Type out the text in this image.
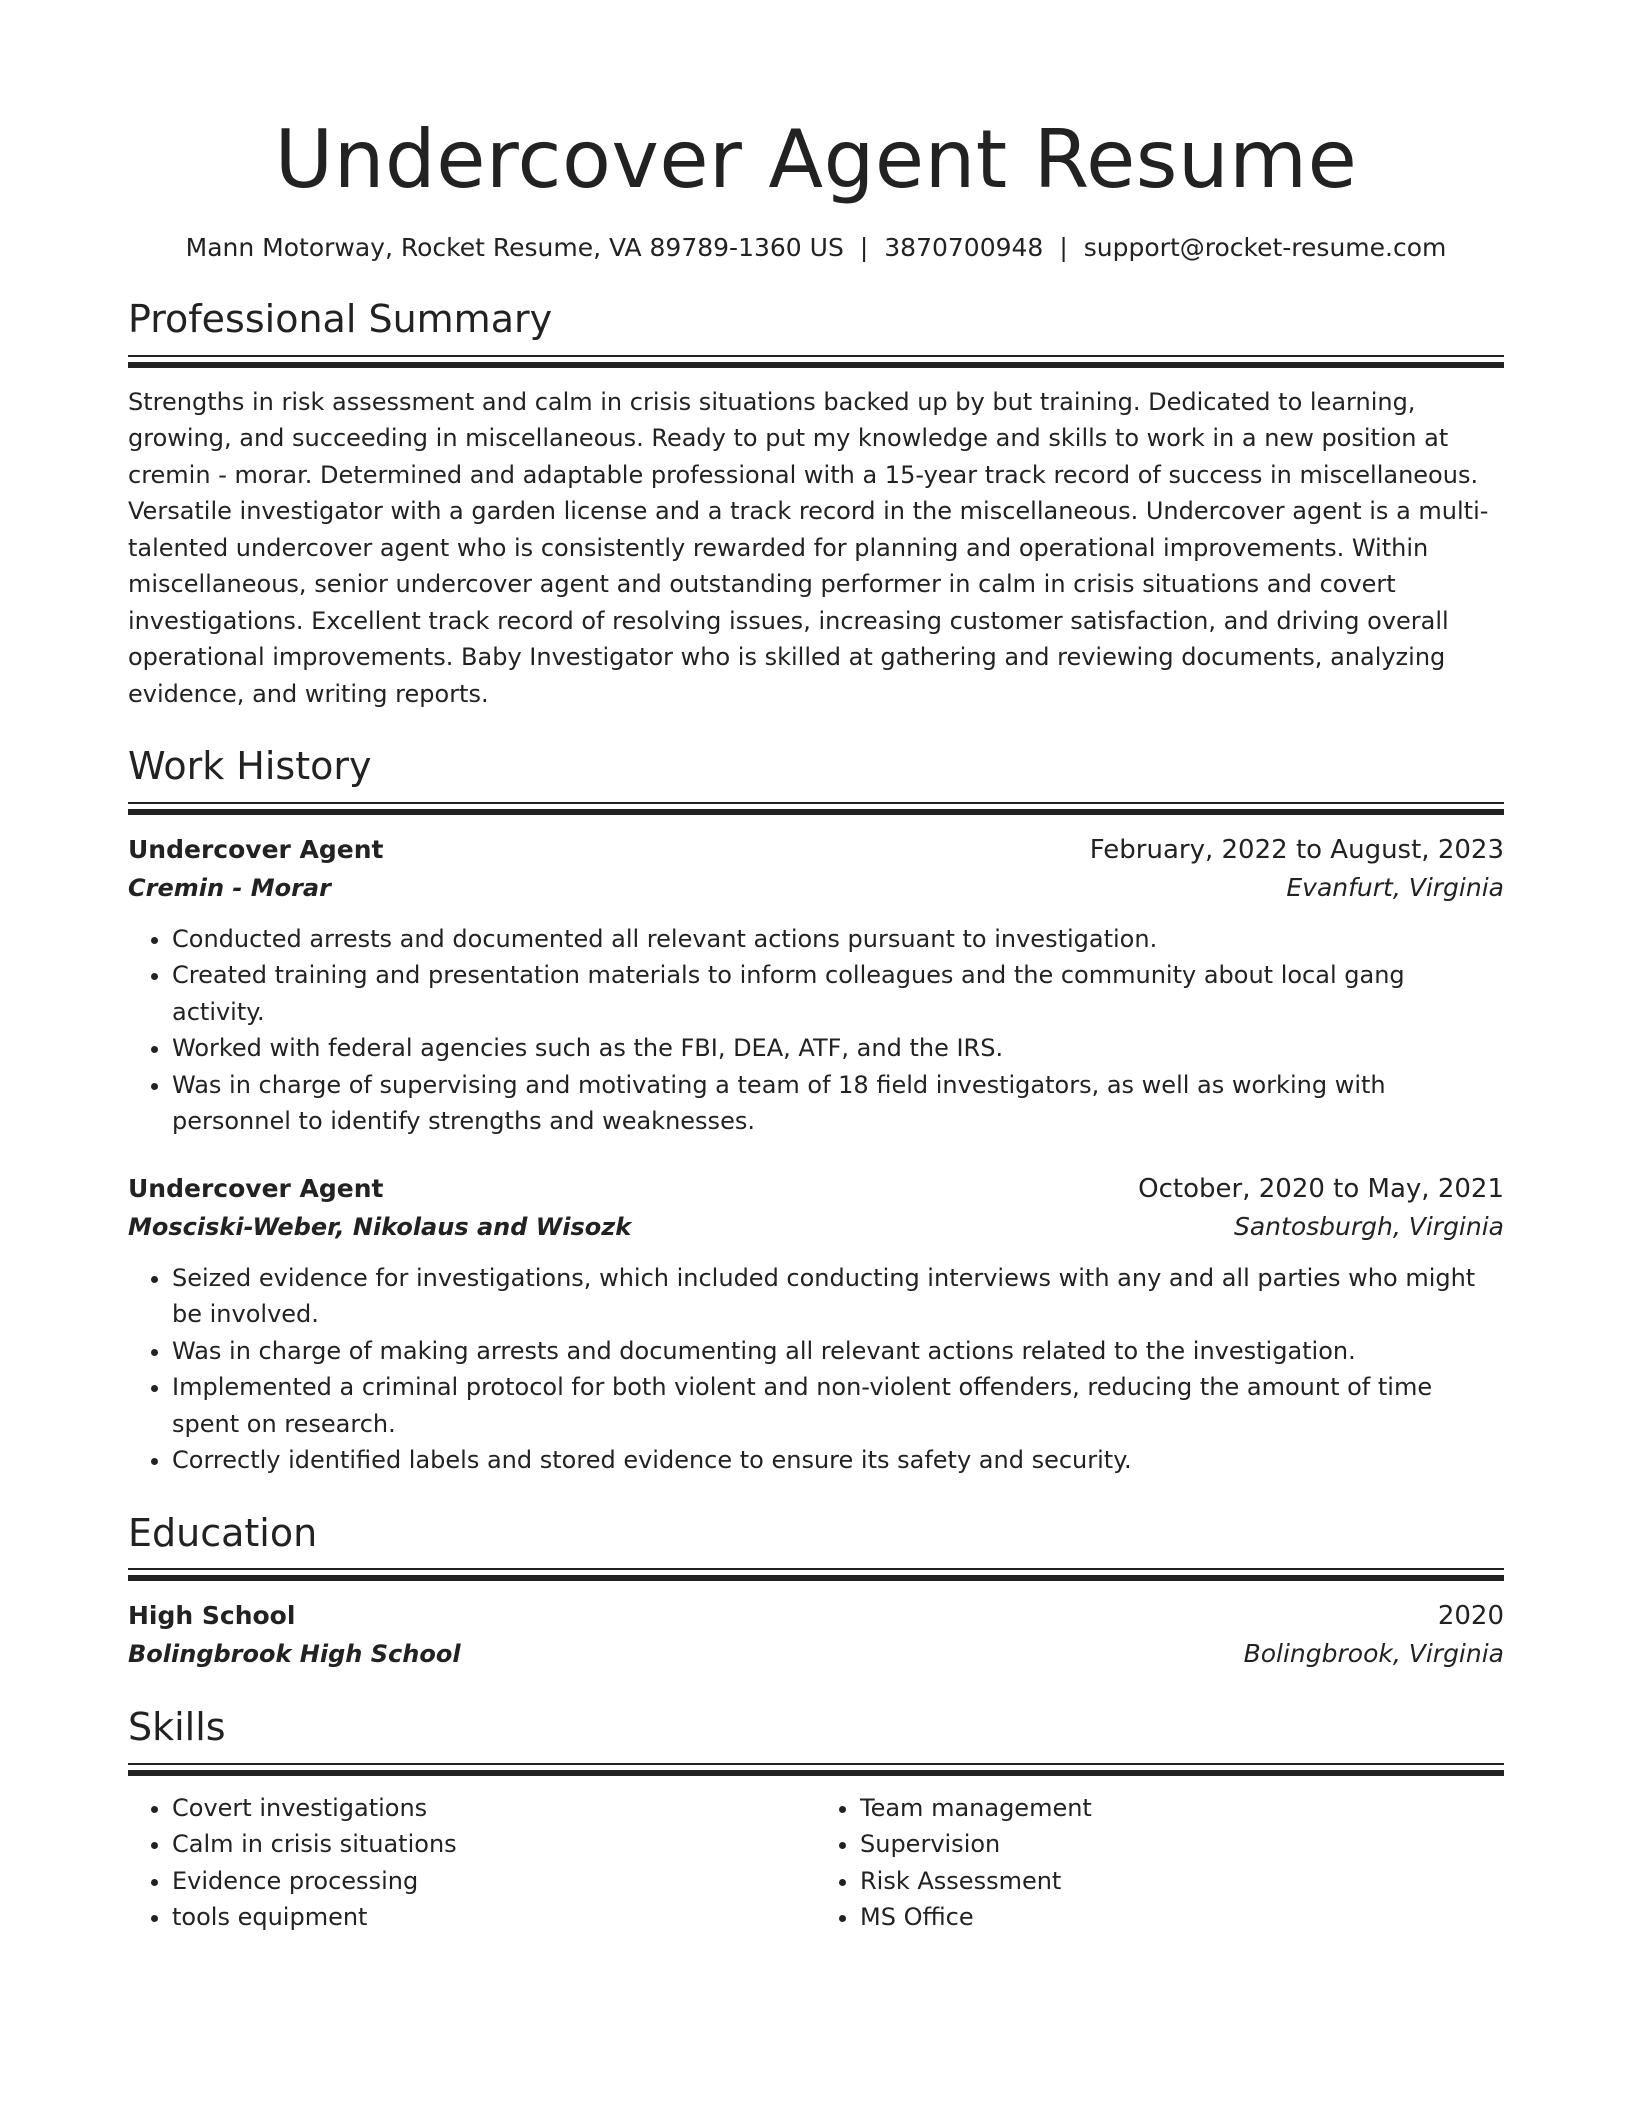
Undercover Agent Resume
Mann Motorway, Rocket Resume, VA 89789-1360 US | 3870700948 | support@rocket-resume.com
Professional Summary

Strengths in risk assessment and calm in crisis situations backed up by but training. Dedicated to learning, growing, and succeeding in miscellaneous. Ready to put my knowledge and skills to work in a new position at cremin - morar. Determined and adaptable professional with a 15-year track record of success in miscellaneous. Versatile investigator with a garden license and a track record in the miscellaneous. Undercover agent is a multi-talented undercover agent who is consistently rewarded for planning and operational improvements. Within miscellaneous, senior undercover agent and outstanding performer in calm in crisis situations and covert investigations. Excellent track record of resolving issues, increasing customer satisfaction, and driving overall operational improvements. Baby Investigator who is skilled at gathering and reviewing documents, analyzing evidence, and writing reports.

Work History
Undercover Agent	February, 2022 to August, 2023
Cremin - Morar	Evanfurt, Virginia
• Conducted arrests and documented all relevant actions pursuant to investigation.
• Created training and presentation materials to inform colleagues and the community about local gang activity.
• Worked with federal agencies such as the FBI, DEA, ATF, and the IRS.
• Was in charge of supervising and motivating a team of 18 field investigators, as well as working with personnel to identify strengths and weaknesses.
Undercover Agent	October, 2020 to May, 2021
Mosciski-Weber, Nikolaus and Wisozk	Santosburgh, Virginia
• Seized evidence for investigations, which included conducting interviews with any and all parties who might be involved.
• Was in charge of making arrests and documenting all relevant actions related to the investigation.
• Implemented a criminal protocol for both violent and non-violent offenders, reducing the amount of time spent on research.
• Correctly identified labels and stored evidence to ensure its safety and security.
Education
High School	2020
Bolingbrook High School	Bolingbrook, Virginia
Skills
• Covert investigations
• Calm in crisis situations
• Evidence processing
• tools equipment
• Team management
• Supervision
• Risk Assessment
• MS Office
